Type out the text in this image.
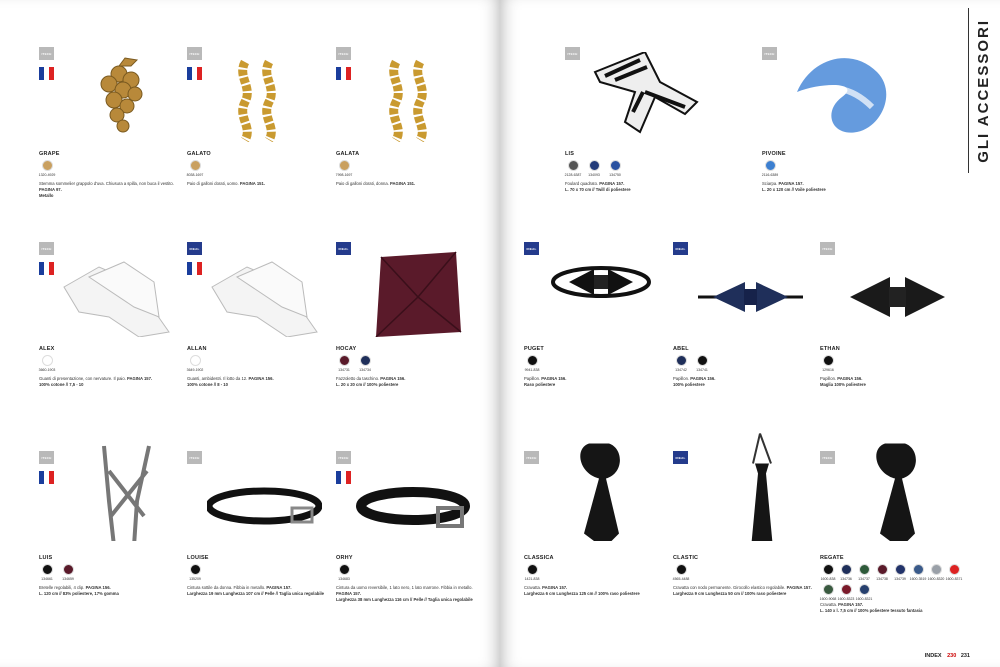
GLI ACCESSORI
INDEX 230 231
ITECH
GRAPE
1320-4929
Stemma sommelier grappolo d'uva. Chiusura a spilla, non buca il vestito. PAGINA 97.
Metallo
ITECH
GALATO
8038-1697
Paio di galloni dorati, uomo. PAGINA 151.
ITECH
GALATA
7998-1697
Paio di galloni dorati, donna. PAGINA 151.
ITECH
LIS
2128-6387 134093	134750
Foulard quadrato. PAGINA 157.
L. 70 x 70 cm // Twill di poliestere
ITECH
PIVOINE
2116-6389
Sciarpa. PAGINA 157.
L. 20 x 120 cm // Voile poliestere
ITECH
ALEX
3660-1903
Guanti di presentazione, con nervature. Il paio. PAGINA 157.
100% cotone // 7,5 - 10
IDEAL
ALLAN
3649-1902
Guanti, ambidestri. Il lotto da 12. PAGINA 156.
100% cotone // 8 - 10
IDEAL
HOCAY
134731	134734
Fazzoletto da taschino. PAGINA 156.
L. 20 x 20 cm // 100% poliestere
IDEAL
PUGET
9941-838
Papillon. PAGINA 156.
Raso poliestere
IDEAL
ABEL
134742	134741
Papillon. PAGINA 156.
100% poliestere
ITECH
ETHAN
129616
Papillon. PAGINA 156.
Maglia 100% poliestere
ITECH
LUIS
134661	134659
Bretelle regolabili, 4 clip. PAGINA 156.
L. 120 cm // 83% poliestere, 17% gomma
ITECH
LOUISE
135209
Cintura sottile da donna. Fibbia in metallo. PAGINA 157.
Larghezza 19 mm Lunghezza 107 cm // Pelle // Taglia unica regolabile
ITECH
ORHY
134683
Cintura da uomo reversibile, 1 lato nero, 1 lato marrone. Fibbia in metallo. PAGINA 157.
Larghezza 38 mm Lunghezza 116 cm // Pelle // Taglia unica regolabile
ITECH
CLASSICA
1421-838
Cravatta. PAGINA 157.
Larghezza 6 cm Lunghezza 125 cm // 100% raso poliestere
IDEAL
CLASTIC
4565-4488
Cravatta con nodo permanente. Girocollo elastico regolabile. PAGINA 157.
Larghezza 9 cm Lunghezza 50 cm // 100% raso poliestere
ITECH
REGATE
1600-838 134736 134737 134738 134739 1600-3519 1600-8320 1600-8371
1600-9068 1600-8323 1600-8321
Cravatta. PAGINA 157.
L. 140 x l. 7,5 cm // 100% poliestere tessuto fantasia
